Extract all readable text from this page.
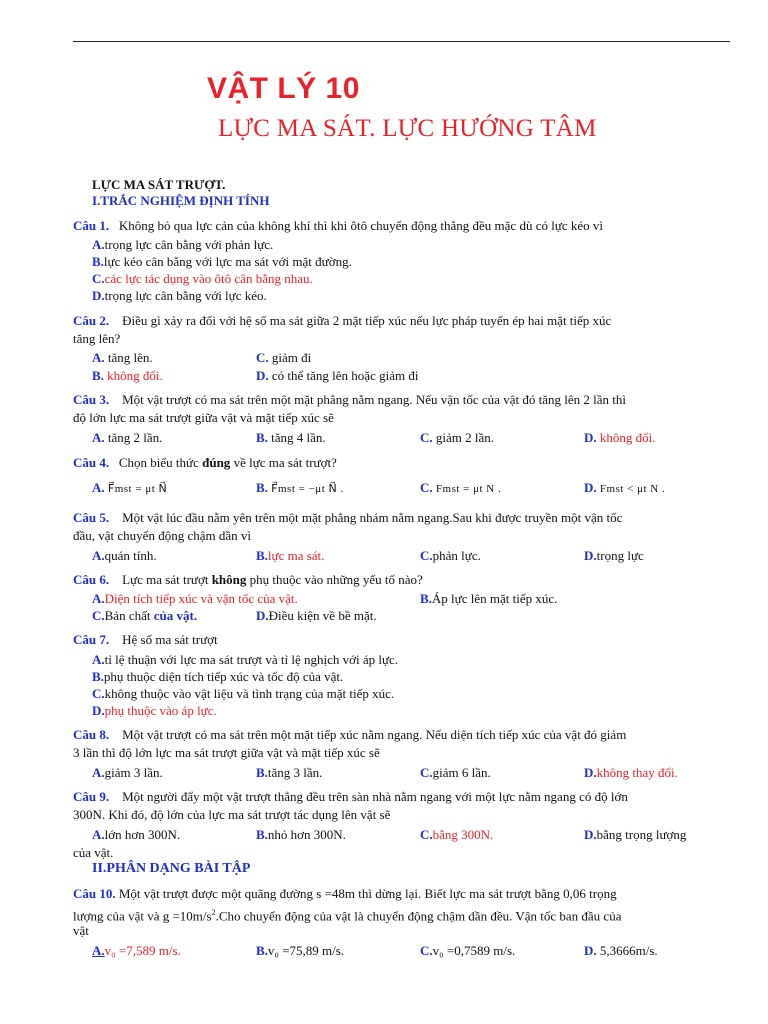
VẬT LÝ 10
LỰC MA SÁT. LỰC HƯỚNG TÂM
LỰC MA SÁT TRƯỢT.
I.TRẮC NGHIỆM ĐỊNH TÍNH
Câu 1. Không bỏ qua lực cản của không khí thì khi ôtô chuyển động thẳng đều mặc dù có lực kéo vì
A.trọng lực cân bằng với phản lực.
B.lực kéo cân bằng với lực ma sát với mặt đường.
C.các lực tác dụng vào ôtô cân bằng nhau.
D.trọng lực cân bằng với lực kéo.
Câu 2. Điều gì xảy ra đối với hệ số ma sát giữa 2 mặt tiếp xúc nếu lực pháp tuyến ép hai mặt tiếp xúc
tăng lên?
A. tăng lên.	C. giảm đi
B. không đổi.	D. có thể tăng lên hoặc giảm đi
Câu 3. Một vật trượt có ma sát trên một mặt phẳng nằm ngang. Nếu vận tốc của vật đó tăng lên 2 lần thì
độ lớn lực ma sát trượt giữa vật và mặt tiếp xúc sẽ
A. tăng 2 lần.	B. tăng 4 lần.	C. giảm 2 lần.	D. không đổi.
Câu 4. Chọn biểu thức đúng về lực ma sát trượt?
A. F⃗mst = μt N⃗	B. F⃗mst = −μt N⃗ .	C. Fmst = μt N .	D. Fmst < μt N .
Câu 5. Một vật lúc đầu nằm yên trên một mặt phẳng nhám nằm ngang.Sau khi được truyền một vận tốc
đầu, vật chuyển động chậm dần vì
A.quán tính.	B.lực ma sát.	C.phản lực.	D.trọng lực
Câu 6. Lực ma sát trượt không phụ thuộc vào những yếu tố nào?
A.Diện tích tiếp xúc và vận tốc của vật.	B.Áp lực lên mặt tiếp xúc.
C.Bản chất của vật.	D.Điều kiện về bề mặt.
Câu 7. Hệ số ma sát trượt
A.tỉ lệ thuận với lực ma sát trượt và tỉ lệ nghịch với áp lực.
B.phụ thuộc diện tích tiếp xúc và tốc độ của vật.
C.không thuộc vào vật liệu và tình trạng của mặt tiếp xúc.
D.phụ thuộc vào áp lực.
Câu 8. Một vật trượt có ma sát trên một mặt tiếp xúc nằm ngang. Nếu diện tích tiếp xúc của vật đó giảm
3 lần thì độ lớn lực ma sát trượt giữa vật và mặt tiếp xúc sẽ
A.giảm 3 lần.	B.tăng 3 lần.	C.giảm 6 lần.	D.không thay đổi.
Câu 9. Một người đẩy một vật trượt thẳng đều trên sàn nhà nằm ngang với một lực nằm ngang có độ lớn
300N. Khi đó, độ lớn của lực ma sát trượt tác dụng lên vật sẽ
A.lớn hơn 300N.	B.nhỏ hơn 300N.	C.bằng 300N.	D.bằng trọng lượng
của vật.
II.PHÂN DẠNG BÀI TẬP
Câu 10. Một vật trượt được một quãng đường s =48m thì dừng lại. Biết lực ma sát trượt bằng 0,06 trọng
lượng của vật và $g =10m/s^2.Cho$ chuyển động của vật là chuyển động chậm dần đều. Vận tốc ban đầu của
vật
A.v₀ =7,589 m/s.	B.v₀ =75,89 m/s.	C.v₀ =0,7589 m/s.	D. 5,3666m/s.
